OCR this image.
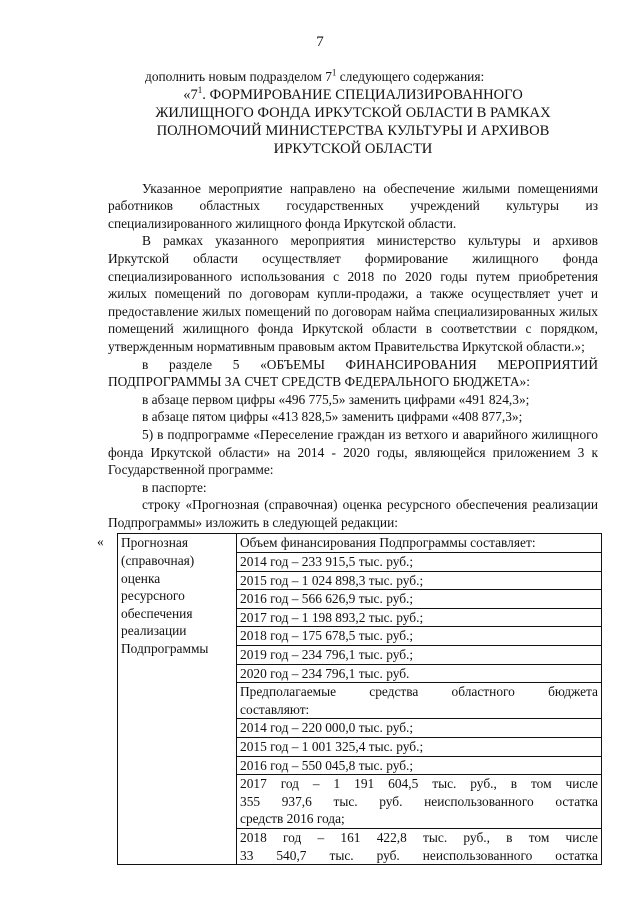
7
дополнить новым подразделом $7^1$ следующего содержания:
«$7^1$. ФОРМИРОВАНИЕ СПЕЦИАЛИЗИРОВАННОГО
ЖИЛИЩНОГО ФОНДА ИРКУТСКОЙ ОБЛАСТИ В РАМКАХ
ПОЛНОМОЧИЙ МИНИСТЕРСТВА КУЛЬТУРЫ И АРХИВОВ
ИРКУТСКОЙ ОБЛАСТИ

Указанное мероприятие направлено на обеспечение жилыми помещениями работников областных государственных учреждений культуры из специализированного жилищного фонда Иркутской области.

В рамках указанного мероприятия министерство культуры и архивов Иркутской области осуществляет формирование жилищного фонда специализированного использования с 2018 по 2020 годы путем приобретения жилых помещений по договорам купли-продажи, а также осуществляет учет и предоставление жилых помещений по договорам найма специализированных жилых помещений жилищного фонда Иркутской области в соответствии с порядком, утвержденным нормативным правовым актом Правительства Иркутской области.»;

в разделе 5 «ОБЪЕМЫ ФИНАНСИРОВАНИЯ МЕРОПРИЯТИЙ ПОДПРОГРАММЫ ЗА СЧЕТ СРЕДСТВ ФЕДЕРАЛЬНОГО БЮДЖЕТА»:

в абзаце первом цифры «496 775,5» заменить цифрами «491 824,3»;

в абзаце пятом цифры «413 828,5» заменить цифрами «408 877,3»;

5) в подпрограмме «Переселение граждан из ветхого и аварийного жилищного фонда Иркутской области» на 2014 - 2020 годы, являющейся приложением 3 к Государственной программе:

в паспорте:

строку «Прогнозная (справочная) оценка ресурсного обеспечения реализации Подпрограммы» изложить в следующей редакции:

« Прогнозная
(справочная)
оценка
ресурсного
обеспечения
реализации
Подпрограммы

Объем финансирования Подпрограммы составляет:
2014 год – 233 915,5 тыс. руб.;
2015 год – 1 024 898,3 тыс. руб.;
2016 год – 566 626,9 тыс. руб.;
2017 год – 1 198 893,2 тыс. руб.;
2018 год – 175 678,5 тыс. руб.;
2019 год – 234 796,1 тыс. руб.;
2020 год – 234 796,1 тыс. руб.
Предполагаемые средства областного бюджета
составляют:
2014 год – 220 000,0 тыс. руб.;
2015 год – 1 001 325,4 тыс. руб.;
2016 год – 550 045,8 тыс. руб.;
2017 год – 1 191 604,5 тыс. руб., в том числе
355 937,6 тыс. руб. неиспользованного остатка
средств 2016 года;
2018 год – 161 422,8 тыс. руб., в том числе
33 540,7 тыс. руб. неиспользованного остатка
